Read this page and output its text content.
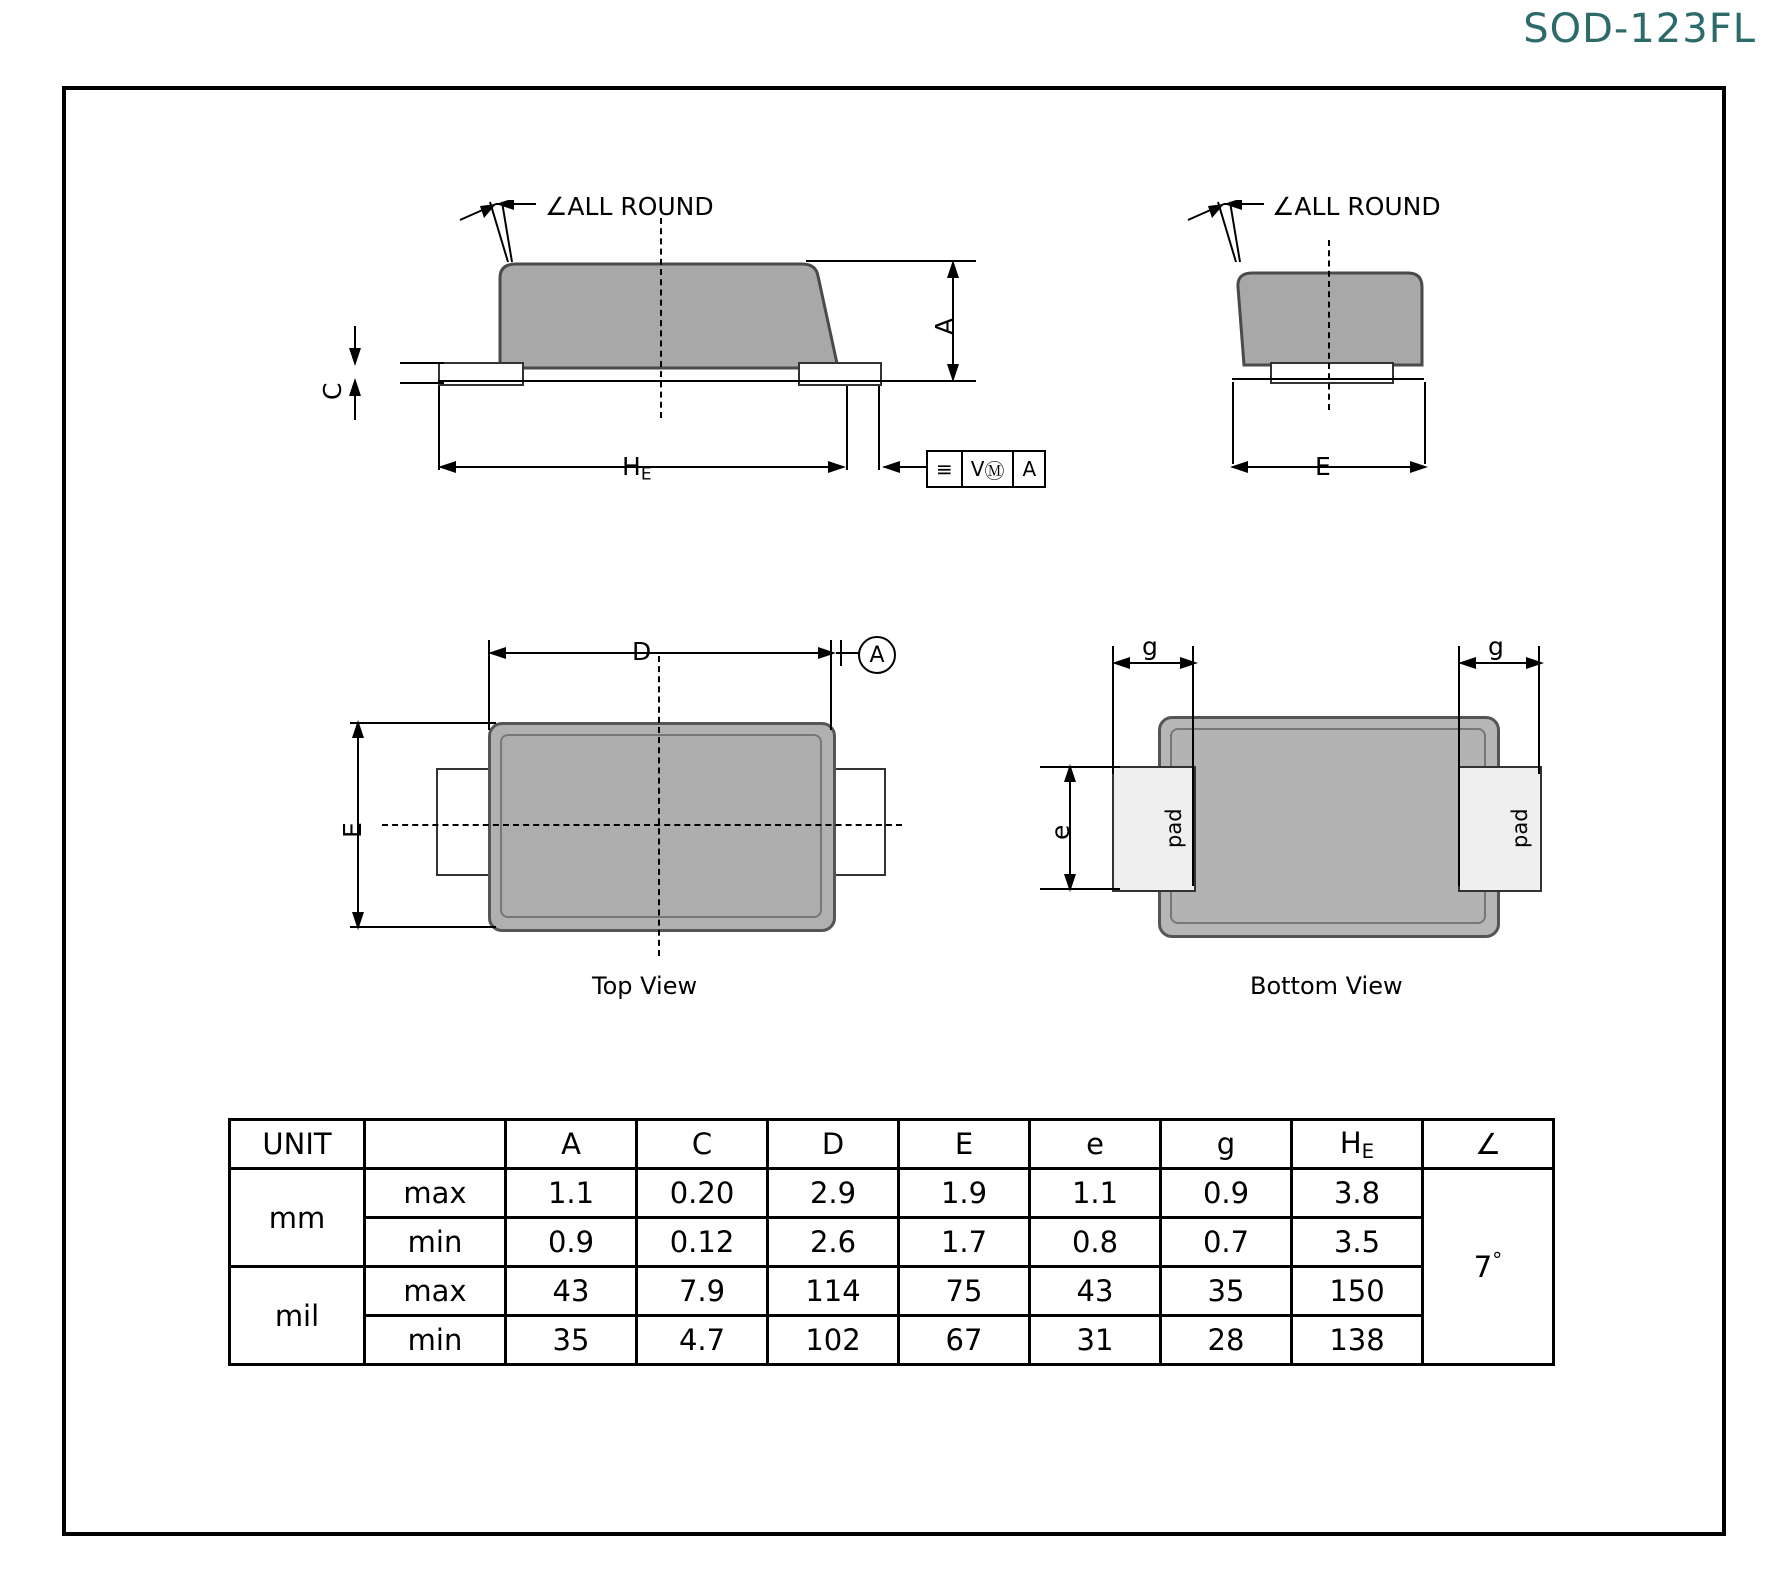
SOD-123FL
∠ALL ROUND
A
C
$H_E$	≡ V Ⓜ A
∠ALL ROUND
E
D	A
E
Top View
pad	pad
g	g
e
Bottom View
UNIT		A	C	D	E	e	g	$H_E$	∠
mm	max	1.1	0.20	2.9	1.9	1.1	0.9	3.8	7°
	min	0.9	0.12	2.6	1.7	0.8	0.7	3.5	
mil	max	43	7.9	114	75	43	35	150	
	min	35	4.7	102	67	31	28	138	
